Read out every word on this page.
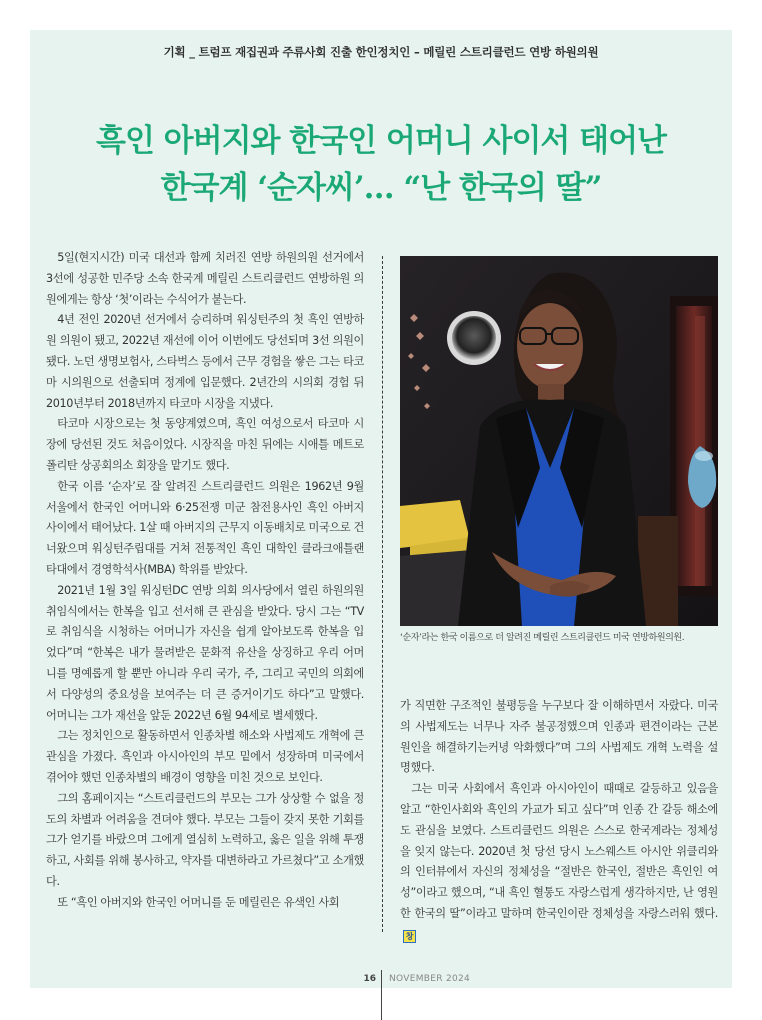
기획 _ 트럼프 재집권과 주류사회 진출 한인정치인 – 메릴린 스트리클런드 연방 하원의원
흑인 아버지와 한국인 어머니 사이서 태어난
한국계 ‘순자씨’… “난 한국의 딸”

5일(현지시간) 미국 대선과 함께 치러진 연방 하원의원 선거에서 3선에 성공한 민주당 소속 한국계 메릴린 스트리클런드 연방하원 의원에게는 항상 ‘첫’이라는 수식어가 붙는다.

4년 전인 2020년 선거에서 승리하며 워싱턴주의 첫 흑인 연방하원 의원이 됐고, 2022년 재선에 이어 이번에도 당선되며 3선 의원이 됐다. 노던 생명보험사, 스타벅스 등에서 근무 경험을 쌓은 그는 타코마 시의원으로 선출되며 정계에 입문했다. 2년간의 시의회 경험 뒤 2010년부터 2018년까지 타코마 시장을 지냈다.

타코마 시장으로는 첫 동양계였으며, 흑인 여성으로서 타코마 시장에 당선된 것도 처음이었다. 시장직을 마친 뒤에는 시애틀 메트로폴리탄 상공회의소 회장을 맡기도 했다.

한국 이름 ‘순자’로 잘 알려진 스트리클런드 의원은 1962년 9월 서울에서 한국인 어머니와 6·25전쟁 미군 참전용사인 흑인 아버지 사이에서 태어났다. 1살 때 아버지의 근무지 이동배치로 미국으로 건너왔으며 워싱턴주립대를 거쳐 전통적인 흑인 대학인 클라크애틀랜타대에서 경영학석사(MBA) 학위를 받았다.

2021년 1월 3일 워싱턴DC 연방 의회 의사당에서 열린 하원의원 취임식에서는 한복을 입고 선서해 큰 관심을 받았다. 당시 그는 “TV로 취임식을 시청하는 어머니가 자신을 쉽게 알아보도록 한복을 입었다”며 “한복은 내가 물려받은 문화적 유산을 상징하고 우리 어머니를 명예롭게 할 뿐만 아니라 우리 국가, 주, 그리고 국민의 의회에서 다양성의 중요성을 보여주는 더 큰 증거이기도 하다”고 말했다. 어머니는 그가 재선을 앞둔 2022년 6월 94세로 별세했다.

그는 정치인으로 활동하면서 인종차별 해소와 사법제도 개혁에 큰 관심을 가졌다. 흑인과 아시아인의 부모 밑에서 성장하며 미국에서 겪어야 했던 인종차별의 배경이 영향을 미친 것으로 보인다.

그의 홈페이지는 “스트리클런드의 부모는 그가 상상할 수 없을 정도의 차별과 어려움을 견뎌야 했다. 부모는 그들이 갖지 못한 기회를 그가 얻기를 바랐으며 그에게 열심히 노력하고, 옳은 일을 위해 투쟁하고, 사회를 위해 봉사하고, 약자를 대변하라고 가르쳤다”고 소개했다.

또 “흑인 아버지와 한국인 어머니를 둔 메릴린은 유색인 사회

‘순자’라는 한국 이름으로 더 알려진 메릴린 스트리클런드 미국 연방하원의원.

가 직면한 구조적인 불평등을 누구보다 잘 이해하면서 자랐다. 미국의 사법제도는 너무나 자주 불공정했으며 인종과 편견이라는 근본 원인을 해결하기는커녕 악화했다”며 그의 사법제도 개혁 노력을 설명했다.

그는 미국 사회에서 흑인과 아시아인이 때때로 갈등하고 있음을 알고 “한인사회와 흑인의 가교가 되고 싶다”며 인종 간 갈등 해소에도 관심을 보였다. 스트리클런드 의원은 스스로 한국계라는 정체성을 잊지 않는다. 2020년 첫 당선 당시 노스웨스트 아시안 위클리와의 인터뷰에서 자신의 정체성을 “절반은 한국인, 절반은 흑인인 여성”이라고 했으며, “내 흑인 혈통도 자랑스럽게 생각하지만, 난 영원한 한국의 딸”이라고 말하며 한국인이란 정체성을 자랑스러워 했다.창

16 NOVEMBER 2024
